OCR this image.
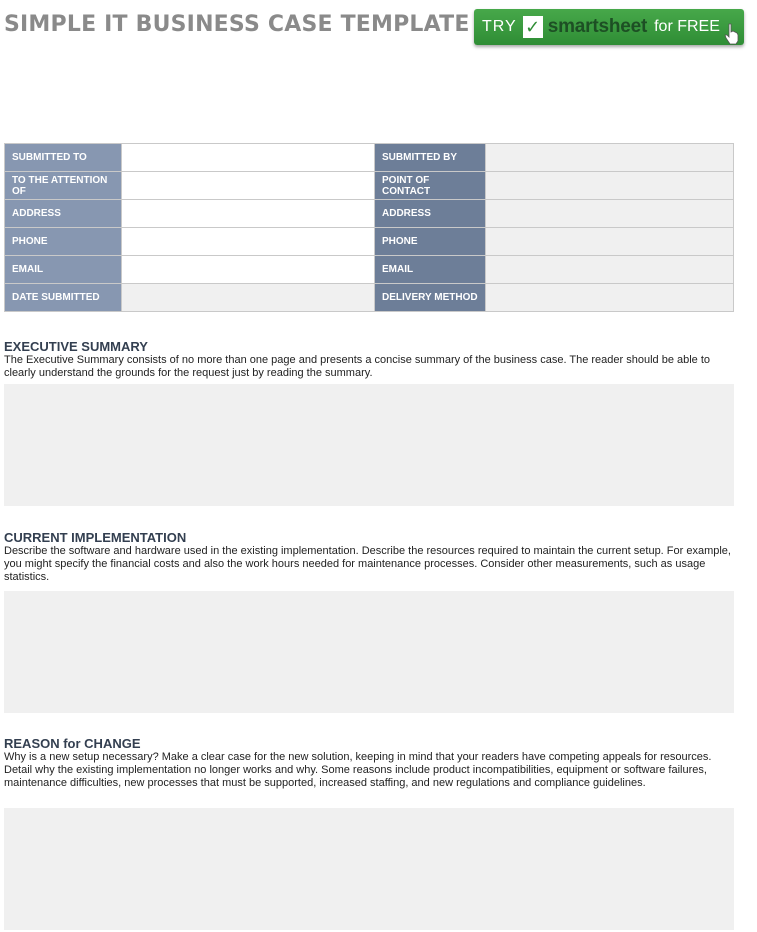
SIMPLE IT BUSINESS CASE TEMPLATE TRY ✓ smartsheet for FREE
SUBMITTED TO		SUBMITTED BY	
TO THE ATTENTION OF		POINT OF CONTACT	
ADDRESS		ADDRESS	
PHONE		PHONE	
EMAIL		EMAIL	
DATE SUBMITTED		DELIVERY METHOD	
EXECUTIVE SUMMARY
The Executive Summary consists of no more than one page and presents a concise summary of the business case. The reader should be able to clearly understand the grounds for the request just by reading the summary.
CURRENT IMPLEMENTATION
Describe the software and hardware used in the existing implementation. Describe the resources required to maintain the current setup. For example, you might specify the financial costs and also the work hours needed for maintenance processes. Consider other measurements, such as usage statistics.
REASON for CHANGE
Why is a new setup necessary? Make a clear case for the new solution, keeping in mind that your readers have competing appeals for resources. Detail why the existing implementation no longer works and why. Some reasons include product incompatibilities, equipment or software failures, maintenance difficulties, new processes that must be supported, increased staffing, and new regulations and compliance guidelines.
